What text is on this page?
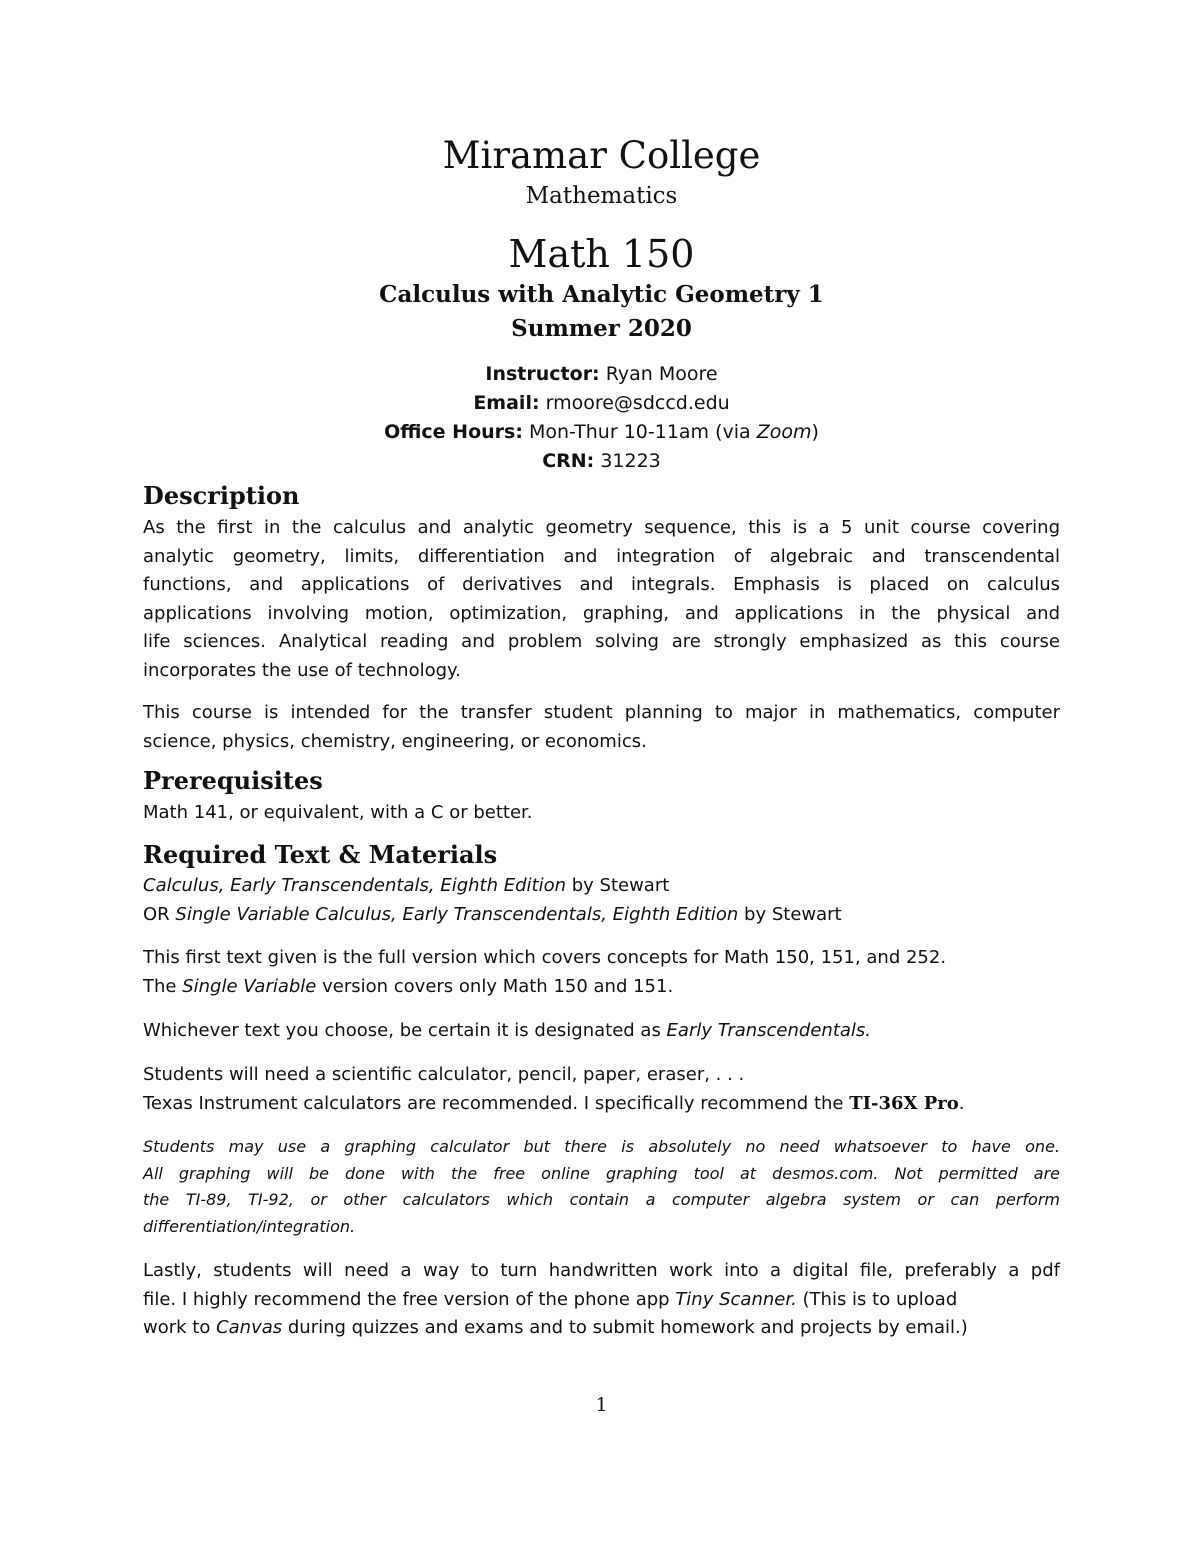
Miramar College
Mathematics
Math 150
Calculus with Analytic Geometry 1
Summer 2020
Instructor: Ryan Moore
Email: rmoore@sdccd.edu
Office Hours: Mon-Thur 10-11am (via Zoom)
CRN: 31223
Description
As the first in the calculus and analytic geometry sequence, this is a 5 unit course covering
analytic geometry, limits, differentiation and integration of algebraic and transcendental
functions, and applications of derivatives and integrals. Emphasis is placed on calculus
applications involving motion, optimization, graphing, and applications in the physical and
life sciences. Analytical reading and problem solving are strongly emphasized as this course
incorporates the use of technology.
This course is intended for the transfer student planning to major in mathematics, computer
science, physics, chemistry, engineering, or economics.
Prerequisites
Math 141, or equivalent, with a C or better.
Required Text & Materials
Calculus, Early Transcendentals, Eighth Edition by Stewart
OR Single Variable Calculus, Early Transcendentals, Eighth Edition by Stewart
This first text given is the full version which covers concepts for Math 150, 151, and 252.
The Single Variable version covers only Math 150 and 151.
Whichever text you choose, be certain it is designated as Early Transcendentals.
Students will need a scientific calculator, pencil, paper, eraser, . . .
Texas Instrument calculators are recommended. I specifically recommend the TI-36X Pro.
Students may use a graphing calculator but there is absolutely no need whatsoever to have one.
All graphing will be done with the free online graphing tool at desmos.com. Not permitted are
the TI-89, TI-92, or other calculators which contain a computer algebra system or can perform
differentiation/integration.
Lastly, students will need a way to turn handwritten work into a digital file, preferably a pdf
file. I highly recommend the free version of the phone app Tiny Scanner. (This is to upload
work to Canvas during quizzes and exams and to submit homework and projects by email.)
1
